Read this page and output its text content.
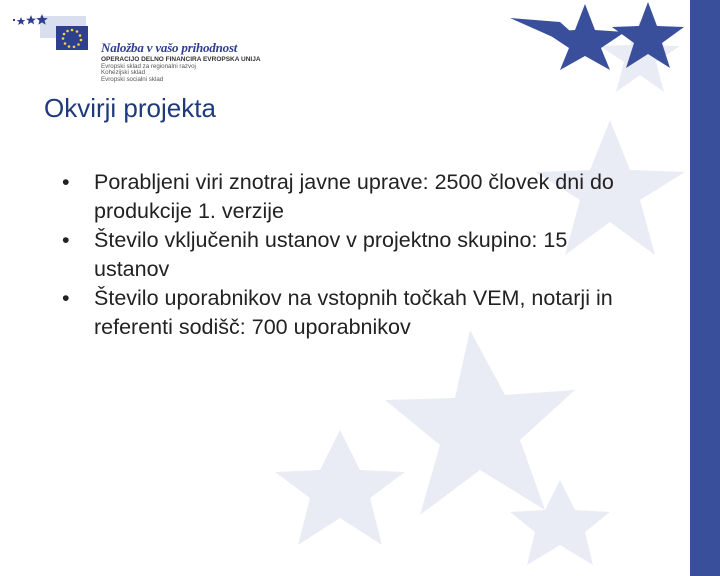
Naložba v vašo prihodnost

OPERACIJO DELNO FINANCIRA EVROPSKA UNIJA

Evropski sklad za regionalni razvoj
Kohezijski sklad
Evropski socialni sklad
Okvirji projekta
• Porabljeni viri znotraj javne uprave: 2500 človek dni do produkcije 1. verzije
• Število vključenih ustanov v projektno skupino: 15 ustanov
• Število uporabnikov na vstopnih točkah VEM, notarji in referenti sodišč: 700 uporabnikov
